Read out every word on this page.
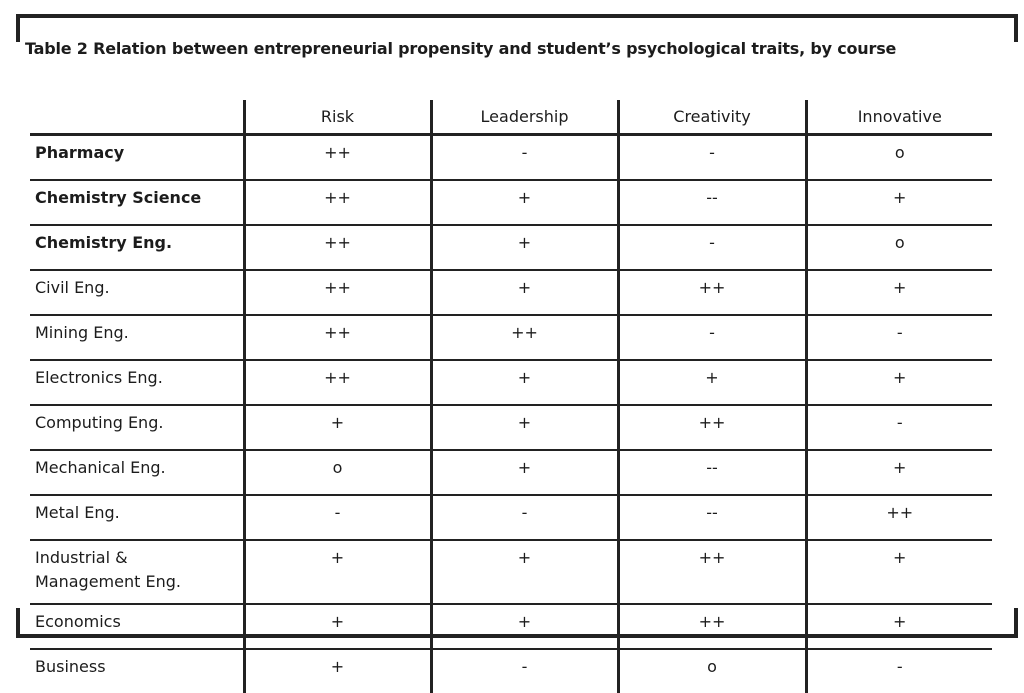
Table 2 Relation between entrepreneurial propensity and student’s psychological traits, by course
	Risk	Leadership	Creativity	Innovative

Pharmacy	++	-	-	o

Chemistry Science	++	+	--	+

Chemistry Eng.	++	+	-	o

Civil Eng.	++	+	++	+

Mining Eng.	++	++	-	-

Electronics Eng.	++	+	+	+

Computing Eng.	+	+	++	-

Mechanical Eng.	o	+	--	+

Metal Eng.	-	-	--	++

Industrial &
Management Eng.	+	+	++	+

Economics	+	+	++	+

Business	+	-	o	-
